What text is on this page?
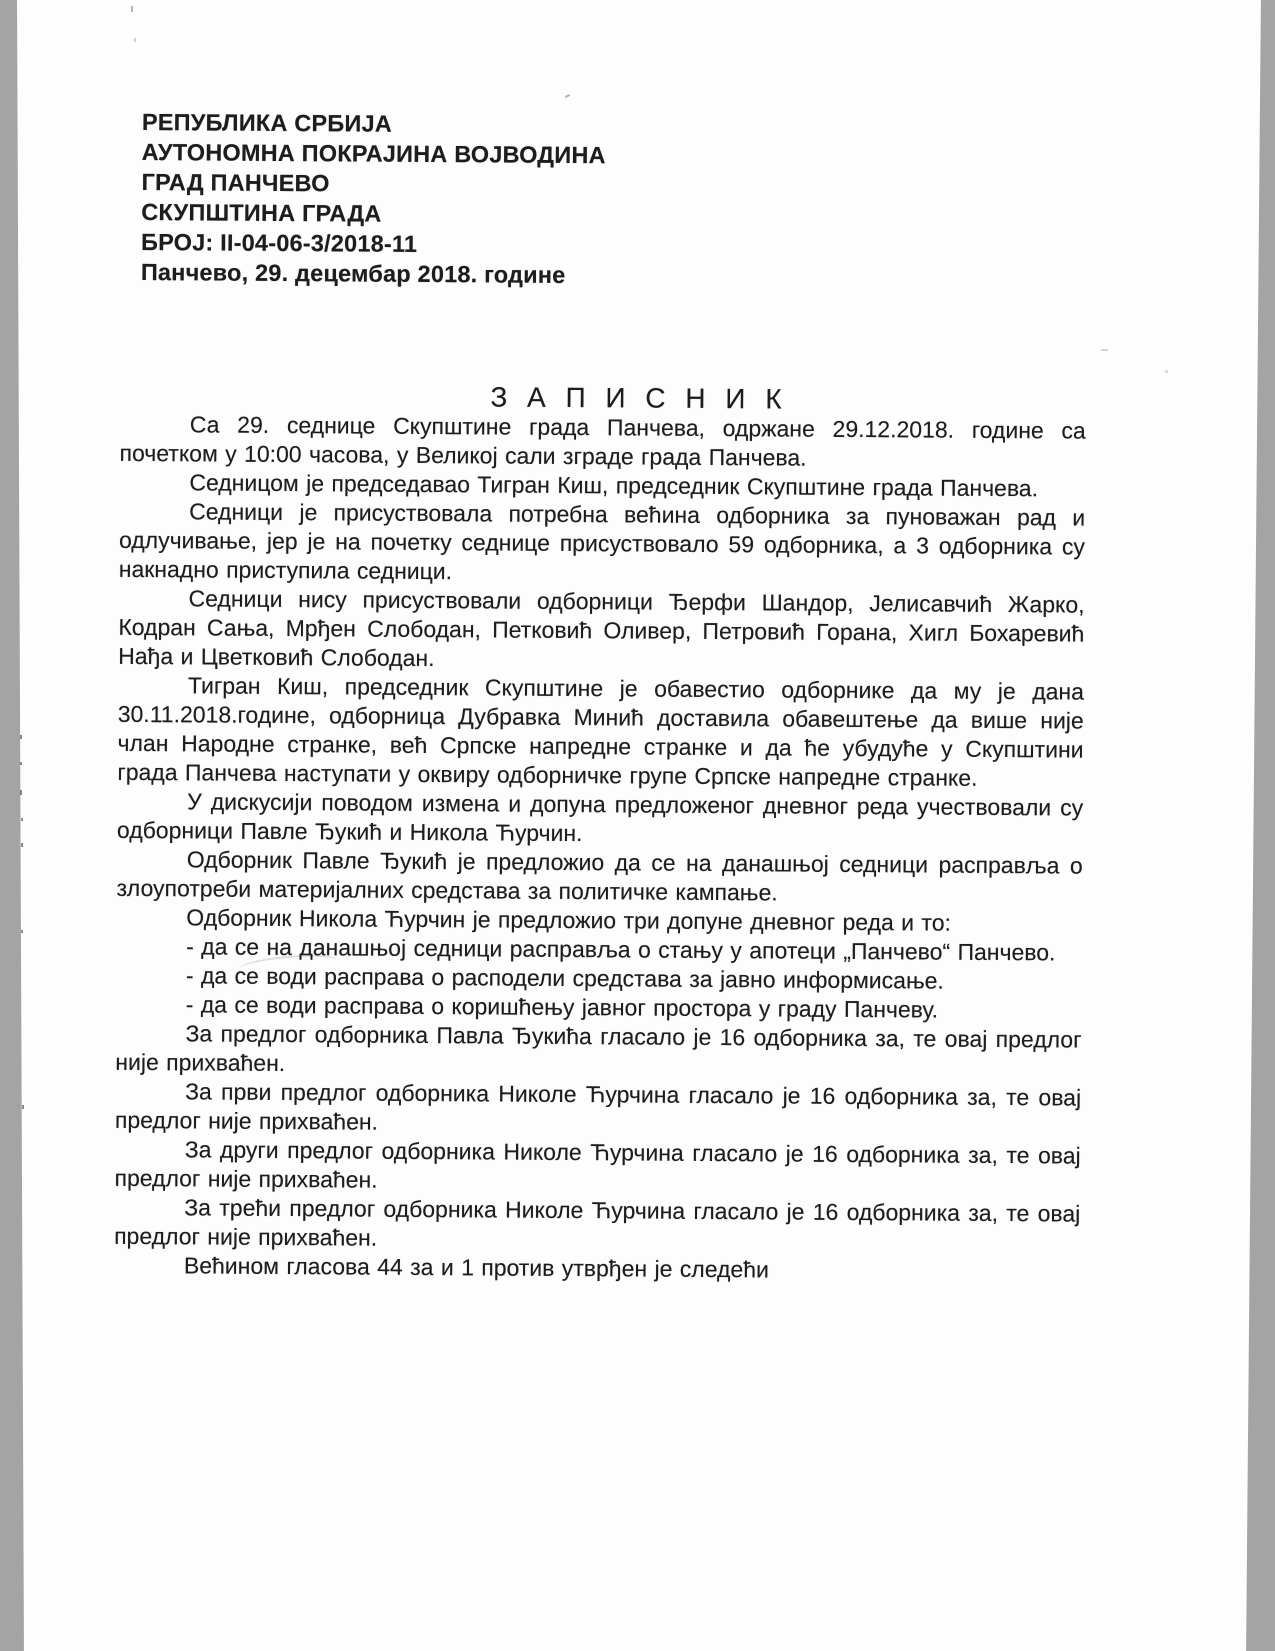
РЕПУБЛИКА СРБИЈА
АУТОНОМНА ПОКРАЈИНА ВОЈВОДИНА
ГРАД ПАНЧЕВО
СКУПШТИНА ГРАДА
БРОЈ: II-04-06-3/2018-11
Панчево, 29. децембар 2018. године
З А П И С Н И К

Са 29. седнице Скупштине града Панчева, одржане 29.12.2018. године са почетком у 10:00 часова, у Великој сали зграде града Панчева.

Седницом је председавао Тигран Киш, председник Скупштине града Панчева.

Седници је присуствовала потребна већина одборника за пуноважан рад и одлучивање, јер је на почетку седнице присуствовало 59 одборника, а 3 одборника су накнадно приступила седници.

Седници нису присуствовали одборници Ђерфи Шандор, Јелисавчић Жарко, Кодран Сања, Мрђен Слободан, Петковић Оливер, Петровић Горана, Хигл Бохаревић Нађа и Цветковић Слободан.

Тигран Киш, председник Скупштине је обавестио одборнике да му је дана 30.11.2018.године, одборница Дубравка Минић доставила обавештење да више није члан Народне странке, већ Српске напредне странке и да ће убудуће у Скупштини града Панчева наступати у оквиру одборничке групе Српске напредне странке.

У дискусији поводом измена и допуна предложеног дневног реда учествовали су одборници Павле Ђукић и Никола Ћурчин.

Одборник Павле Ђукић је предложио да се на данашњој седници расправља о злоупотреби материјалних средстава за политичке кампање.

Одборник Никола Ћурчин је предложио три допуне дневног реда и то:

- да се на данашњој седници расправља о стању у апотеци „Панчево“ Панчево.

- да се води расправа о расподели средстава за јавно информисање.

- да се води расправа о коришћењу јавног простора у граду Панчеву.

За предлог одборника Павла Ђукића гласало је 16 одборника за, те овај предлог није прихваћен.

За први предлог одборника Николе Ћурчина гласало је 16 одборника за, те овај предлог није прихваћен.

За други предлог одборника Николе Ћурчина гласало је 16 одборника за, те овај предлог није прихваћен.

За трећи предлог одборника Николе Ћурчина гласало је 16 одборника за, те овај предлог није прихваћен.

Већином гласова 44 за и 1 против утврђен је следећи
